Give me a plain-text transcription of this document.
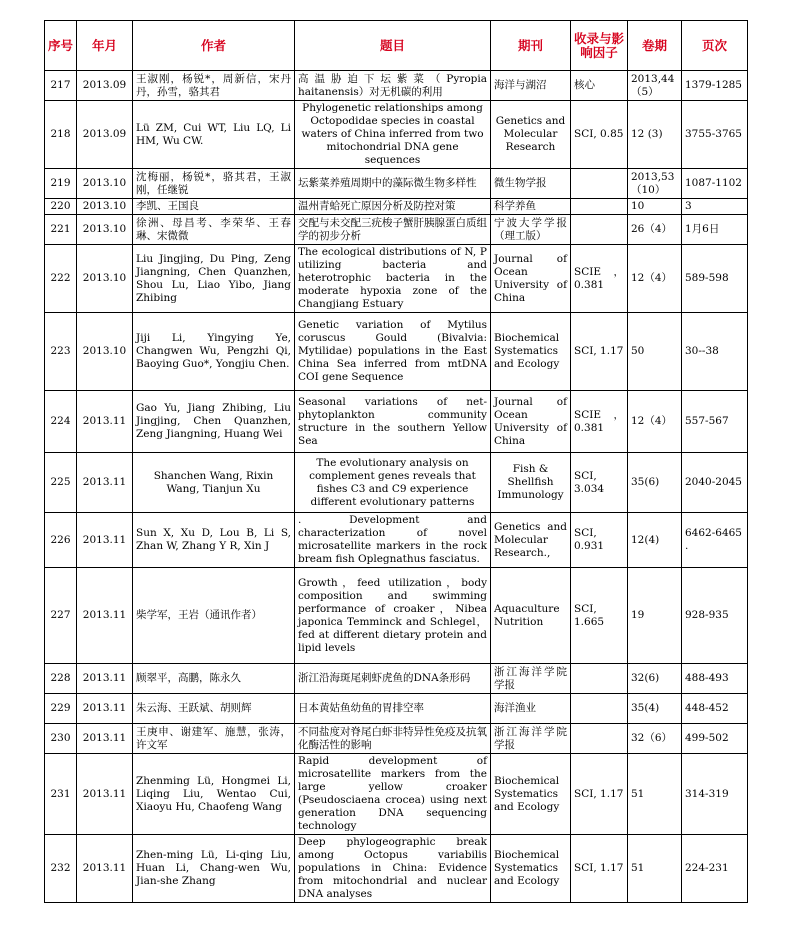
序号	年月	作者	题目	期刊	收录与影响因子	卷期	页次
217	2013.09	王淑刚，杨锐*，周新信，宋丹丹，孙雪，骆其君	高温胁迫下坛紫菜（Pyropia haitanensis）对无机碳的利用	海洋与湖沼	核心	2013,44（5）	1379-1285
218	2013.09	Lü ZM, Cui WT, Liu LQ, Li HM, Wu CW.	Phylogenetic relationships among Octopodidae species in coastal waters of China inferred from two mitochondrial DNA gene sequences	Genetics and Molecular Research	SCI, 0.85	12 (3)	3755-3765
219	2013.10	沈梅丽，杨锐*，骆其君，王淑刚，任继锐	坛紫菜养殖周期中的藻际微生物多样性	微生物学报		2013,53（10）	1087-1102
220	2013.10	李凯、王国良	温州青蛤死亡原因分析及防控对策	科学养鱼		10	3
221	2013.10	徐洲、母昌考、李荣华、王春琳、宋微微	交配与未交配三疣梭子蟹肝胰腺蛋白质组学的初步分析	宁波大学学报（理工版）		26（4）	1月6日
222	2013.10	Liu Jingjing, Du Ping, Zeng Jiangning, Chen Quanzhen, Shou Lu, Liao Yibo, Jiang Zhibing	The ecological distributions of N, P utilizing bacteria and heterotrophic bacteria in the moderate hypoxia zone of the Changjiang Estuary	Journal of Ocean University of China	SCIE，0.381	12（4）	589-598
223	2013.10	Jiji Li, Yingying Ye, Changwen Wu, Pengzhi Qi, Baoying Guo*, Yongjiu Chen.	Genetic variation of Mytilus coruscus Gould (Bivalvia: Mytilidae) populations in the East China Sea inferred from mtDNA COI gene Sequence	Biochemical Systematics and Ecology	SCI, 1.17	50	30--38
224	2013.11	Gao Yu, Jiang Zhibing, Liu Jingjing, Chen Quanzhen, Zeng Jiangning, Huang Wei	Seasonal variations of net-phytoplankton community structure in the southern Yellow Sea	Journal of Ocean University of China	SCIE，0.381	12（4）	557-567
225	2013.11	Shanchen Wang, Rixin Wang, Tianjun Xu	The evolutionary analysis on complement genes reveals that fishes C3 and C9 experience different evolutionary patterns	Fish & Shellfish Immunology	SCI, 3.034	35(6)	2040-2045
226	2013.11	Sun X, Xu D, Lou B, Li S, Zhan W, Zhang Y R, Xin J	. Development and characterization of novel microsatellite markers in the rock bream fish Oplegnathus fasciatus.	Genetics and Molecular Research.,	SCI, 0.931	12(4)	6462-6465 .
227	2013.11	柴学军，王岩（通讯作者）	Growth，feed utilization，body composition and swimming performance of croaker，Nibea japonica Temminck and Schlegel，fed at different dietary protein and lipid levels	Aquaculture Nutrition	SCI, 1.665	19	928-935
228	2013.11	顾翠平，高鹏，陈永久	浙江沿海斑尾刺虾虎鱼的DNA条形码	浙江海洋学院学报		32(6)	488-493
229	2013.11	朱云海、王跃斌、胡则辉	日本黄姑鱼幼鱼的胃排空率	海洋渔业		35(4)	448-452
230	2013.11	王庚申、谢建军、施慧，张涛，许文军	不同盐度对脊尾白虾非特异性免疫及抗氧化酶活性的影响	浙江海洋学院学报		32（6）	499-502
231	2013.11	Zhenming Lü, Hongmei Li, Liqing Liu, Wentao Cui, Xiaoyu Hu, Chaofeng Wang	Rapid development of microsatellite markers from the large yellow croaker (Pseudosciaena crocea) using next generation DNA sequencing technology	Biochemical Systematics and Ecology	SCI, 1.17	51	314-319
232	2013.11	Zhen-ming Lü, Li-qing Liu, Huan Li, Chang-wen Wu, Jian-she Zhang	Deep phylogeographic break among Octopus variabilis populations in China: Evidence from mitochondrial and nuclear DNA analyses	Biochemical Systematics and Ecology	SCI, 1.17	51	224-231
